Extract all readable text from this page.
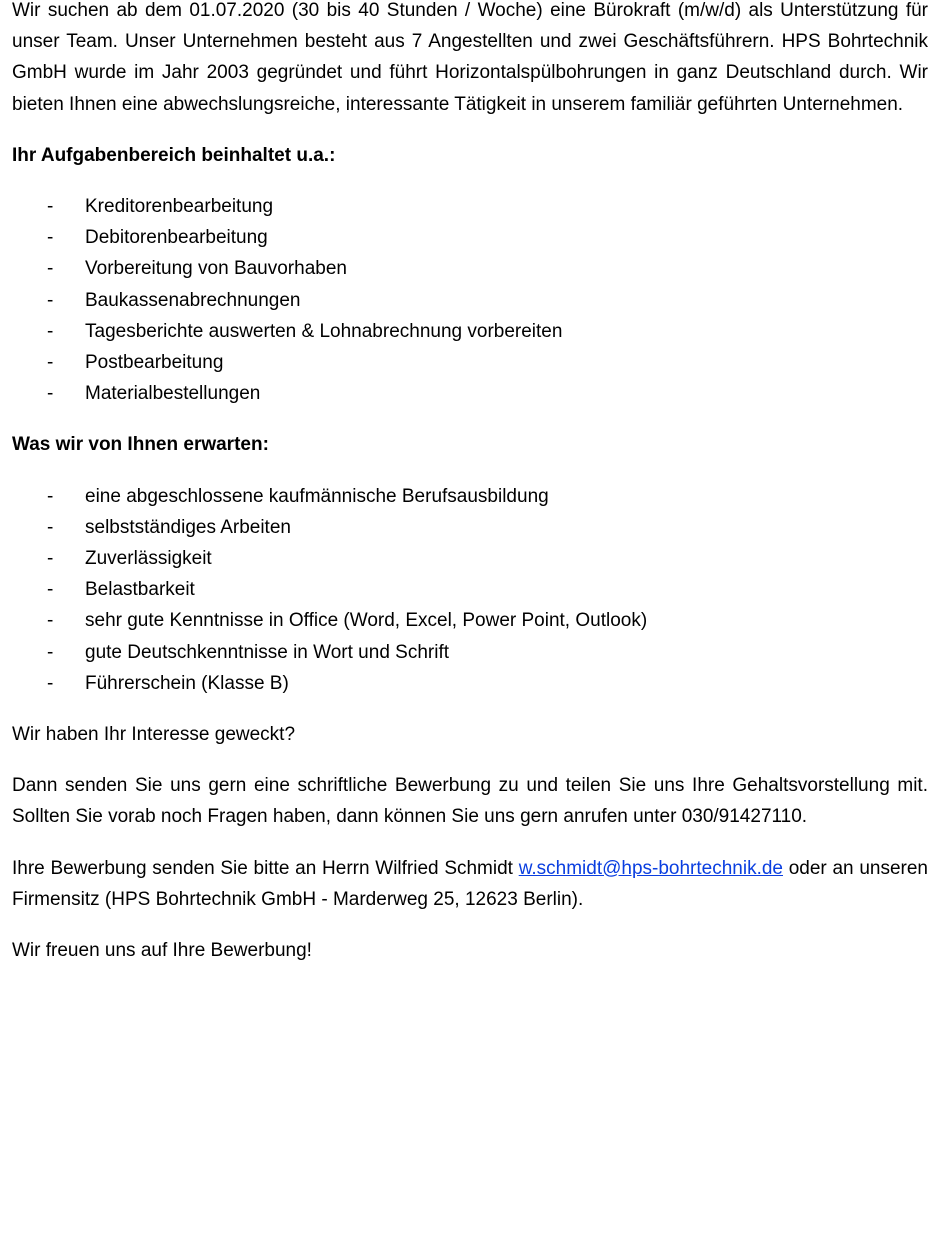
Wir suchen ab dem 01.07.2020 (30 bis 40 Stunden / Woche) eine Bürokraft (m/w/d) als Unterstützung für unser Team. Unser Unternehmen besteht aus 7 Angestellten und zwei Geschäftsführern. HPS Bohrtechnik GmbH wurde im Jahr 2003 gegründet und führt Horizontalspülbohrungen in ganz Deutschland durch. Wir bieten Ihnen eine abwechslungsreiche, interessante Tätigkeit in unserem familiär geführten Unternehmen.

Ihr Aufgabenbereich beinhaltet u.a.:
- Kreditorenbearbeitung
- Debitorenbearbeitung
- Vorbereitung von Bauvorhaben
- Baukassenabrechnungen
- Tagesberichte auswerten & Lohnabrechnung vorbereiten
- Postbearbeitung
- Materialbestellungen
Was wir von Ihnen erwarten:
- eine abgeschlossene kaufmännische Berufsausbildung
- selbstständiges Arbeiten
- Zuverlässigkeit
- Belastbarkeit
- sehr gute Kenntnisse in Office (Word, Excel, Power Point, Outlook)
- gute Deutschkenntnisse in Wort und Schrift
- Führerschein (Klasse B)

Wir haben Ihr Interesse geweckt?

Dann senden Sie uns gern eine schriftliche Bewerbung zu und teilen Sie uns Ihre Gehaltsvorstellung mit. Sollten Sie vorab noch Fragen haben, dann können Sie uns gern anrufen unter 030/91427110.

Ihre Bewerbung senden Sie bitte an Herrn Wilfried Schmidt w.schmidt@hps-bohrtechnik.de oder an unseren Firmensitz (HPS Bohrtechnik GmbH - Marderweg 25, 12623 Berlin).

Wir freuen uns auf Ihre Bewerbung!
